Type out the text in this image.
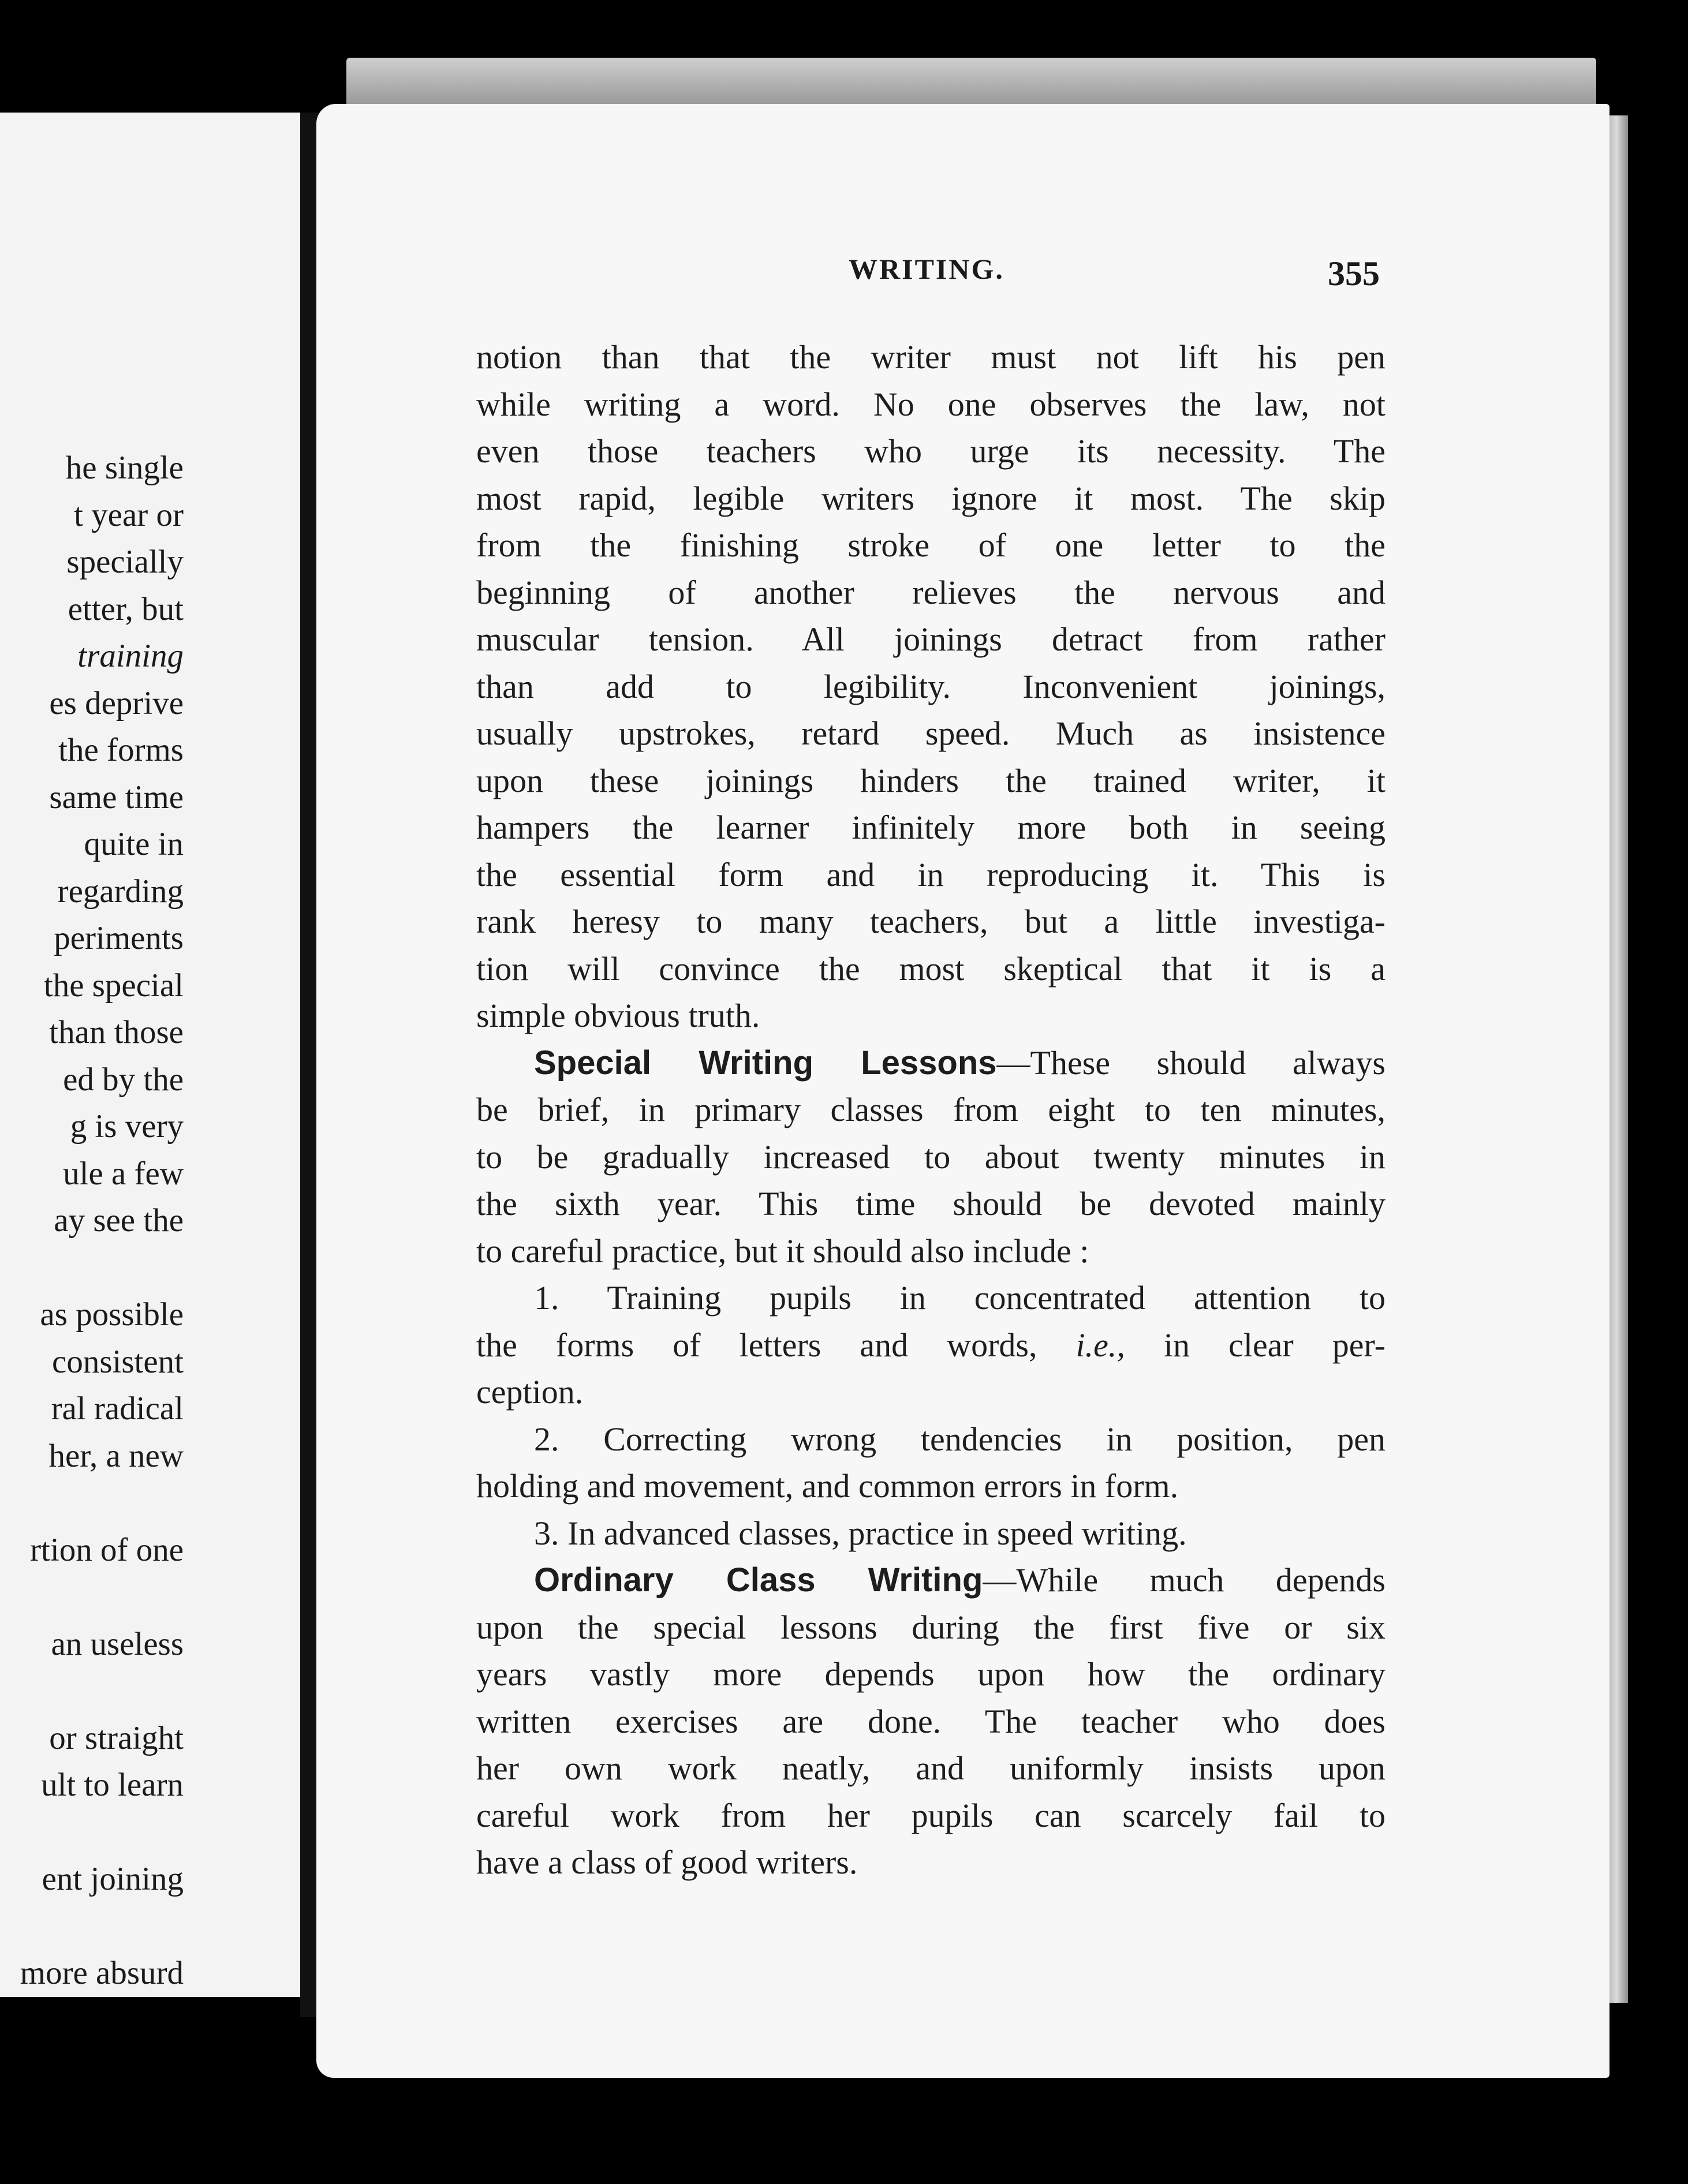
he single
t year or
specially
etter, but
training
es deprive
the forms
same time
quite in
regarding
periments
the special
than those
ed by the
g is very
ule a few
ay see the
as possible
consistent
ral radical
her, a new
rtion of one
an useless
or straight
ult to learn
ent joining
more absurd
WRITING.	355
notion than that the writer must not lift his pen
while writing a word. No one observes the law, not
even those teachers who urge its necessity. The
most rapid, legible writers ignore it most. The skip
from the finishing stroke of one letter to the
beginning of another relieves the nervous and
muscular tension. All joinings detract from rather
than add to legibility. Inconvenient joinings,
usually upstrokes, retard speed. Much as insistence
upon these joinings hinders the trained writer, it
hampers the learner infinitely more both in seeing
the essential form and in reproducing it. This is
rank heresy to many teachers, but a little investiga-
tion will convince the most skeptical that it is a
simple obvious truth.
Special Writing Lessons—These should always
be brief, in primary classes from eight to ten minutes,
to be gradually increased to about twenty minutes in
the sixth year. This time should be devoted mainly
to careful practice, but it should also include :
1. Training pupils in concentrated attention to
the forms of letters and words, i.e., in clear per-
ception.
2. Correcting wrong tendencies in position, pen
holding and movement, and common errors in form.
3. In advanced classes, practice in speed writing.
Ordinary Class Writing—While much depends
upon the special lessons during the first five or six
years vastly more depends upon how the ordinary
written exercises are done. The teacher who does
her own work neatly, and uniformly insists upon
careful work from her pupils can scarcely fail to
have a class of good writers.
